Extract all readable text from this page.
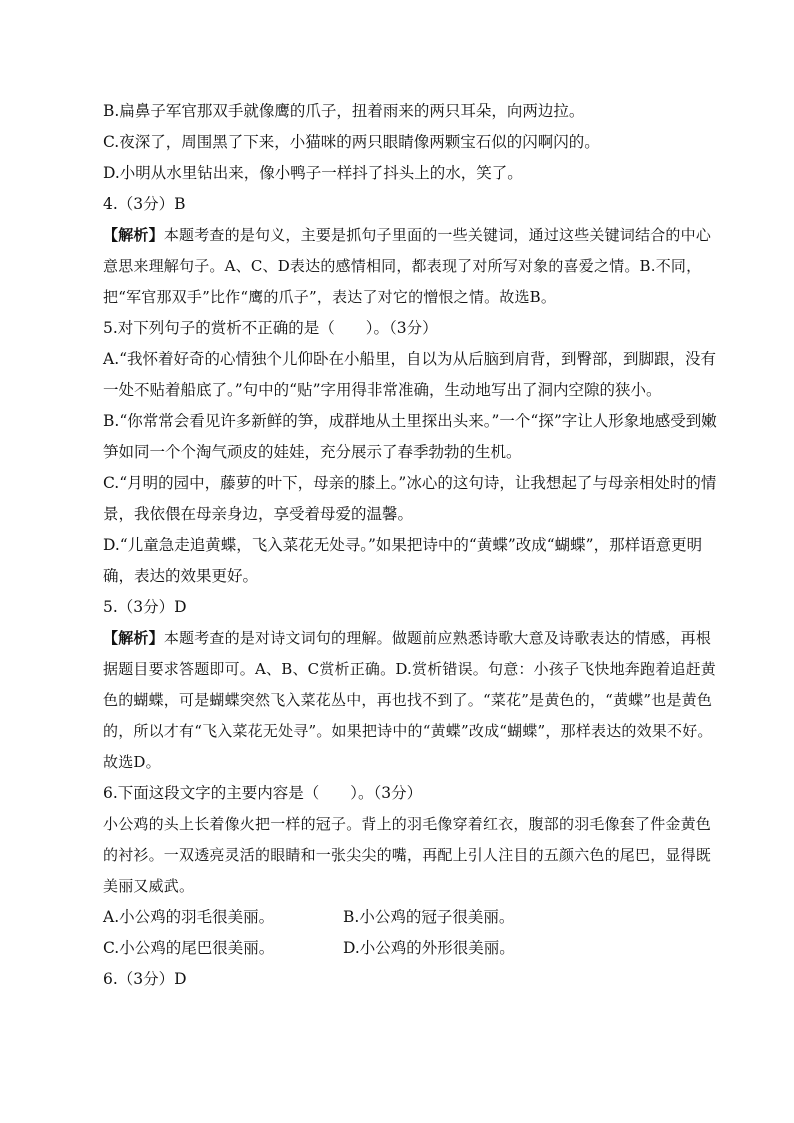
B.扁鼻子军官那双手就像鹰的爪子，扭着雨来的两只耳朵，向两边拉。
C.夜深了，周围黑了下来，小猫咪的两只眼睛像两颗宝石似的闪啊闪的。
D.小明从水里钻出来，像小鸭子一样抖了抖头上的水，笑了。
4.（3分）B
【解析】本题考查的是句义，主要是抓句子里面的一些关键词，通过这些关键词结合的中心意思来理解句子。A、C、D表达的感情相同，都表现了对所写对象的喜爱之情。B.不同，把“军官那双手”比作“鹰的爪子”，表达了对它的憎恨之情。故选B。
5.对下列句子的赏析不正确的是（　　）。（3分）
A.“我怀着好奇的心情独个儿仰卧在小船里，自以为从后脑到肩背，到臀部，到脚跟，没有一处不贴着船底了。”句中的“贴”字用得非常准确，生动地写出了洞内空隙的狭小。
B.“你常常会看见许多新鲜的笋，成群地从土里探出头来。”一个“探”字让人形象地感受到嫩笋如同一个个淘气顽皮的娃娃，充分展示了春季勃勃的生机。
C.“月明的园中，藤萝的叶下，母亲的膝上。”冰心的这句诗，让我想起了与母亲相处时的情景，我依偎在母亲身边，享受着母爱的温馨。
D.“儿童急走追黄蝶，飞入菜花无处寻。”如果把诗中的“黄蝶”改成“蝴蝶”，那样语意更明确，表达的效果更好。
5.（3分）D
【解析】本题考查的是对诗文词句的理解。做题前应熟悉诗歌大意及诗歌表达的情感，再根据题目要求答题即可。A、B、C赏析正确。D.赏析错误。句意：小孩子飞快地奔跑着追赶黄色的蝴蝶，可是蝴蝶突然飞入菜花丛中，再也找不到了。“菜花”是黄色的，“黄蝶”也是黄色的，所以才有“飞入菜花无处寻”。如果把诗中的“黄蝶”改成“蝴蝶”，那样表达的效果不好。故选D。
6.下面这段文字的主要内容是（　　）。（3分）
小公鸡的头上长着像火把一样的冠子。背上的羽毛像穿着红衣，腹部的羽毛像套了件金黄色的衬衫。一双透亮灵活的眼睛和一张尖尖的嘴，再配上引人注目的五颜六色的尾巴，显得既美丽又威武。
A.小公鸡的羽毛很美丽。	B.小公鸡的冠子很美丽。
C.小公鸡的尾巴很美丽。	D.小公鸡的外形很美丽。
6.（3分）D
